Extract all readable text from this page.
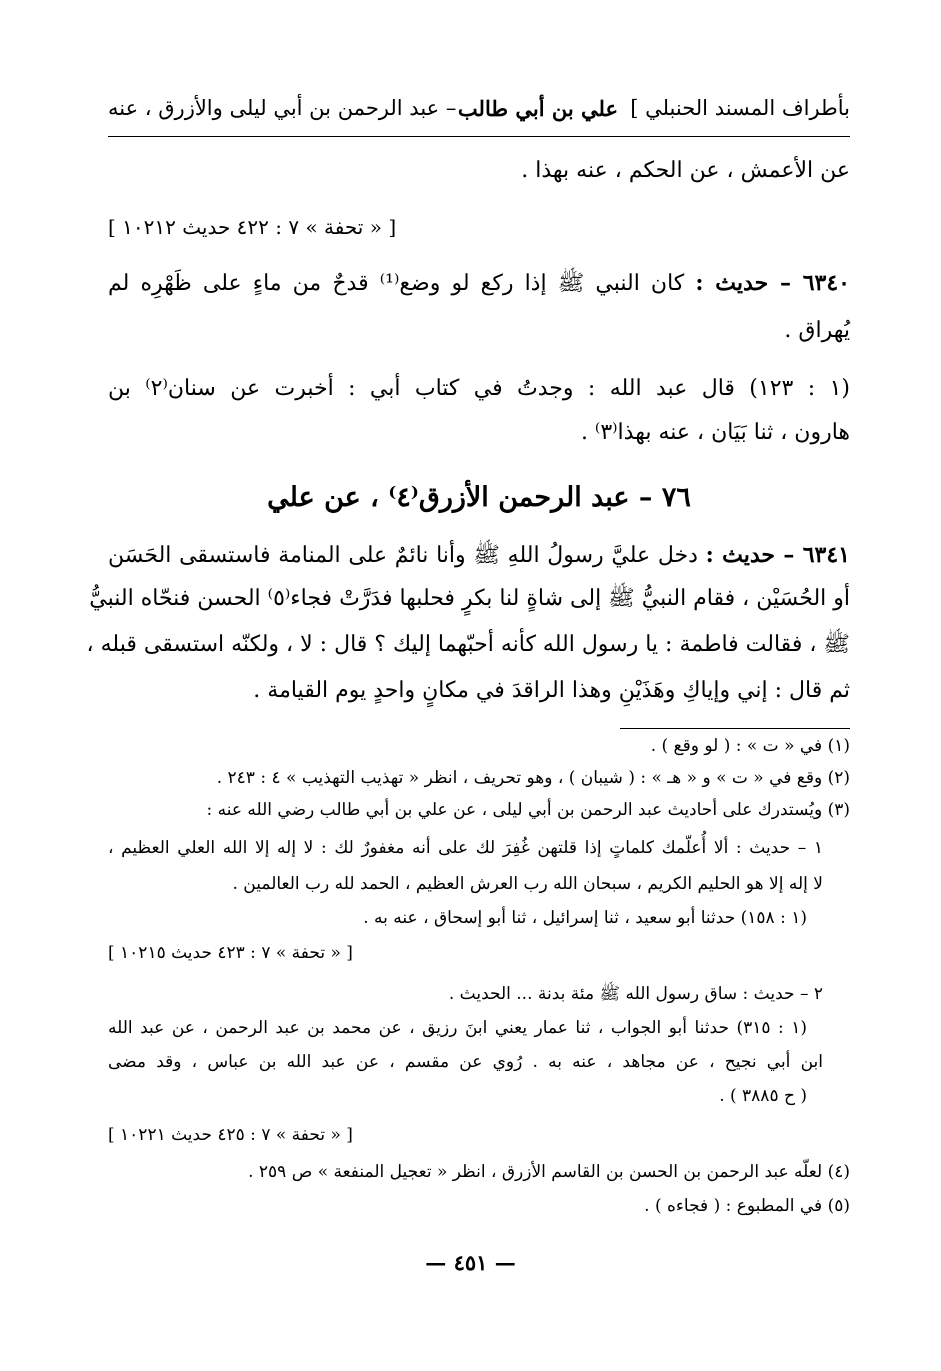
بأطراف المسند الحنبلي ]
علي بن أبي طالب
– عبد الرحمن بن أبي ليلى والأزرق ، عنه
عن الأعمش ، عن الحكم ، عنه بهذا .
[ « تحفة » ٧ : ٤٢٢ حديث ١٠٢١٢ ]
٦٣٤٠ – حديث : كان النبي ﷺ إذا ركع لو وضع⁽¹⁾ قدحٌ من ماءٍ على ظَهْرِه لم
يُهراق .
(١ : ١٢٣) قال عبد الله : وجدتُ في كتاب أبي : أخبرت عن سنان⁽٢⁾ بن
هارون ، ثنا بَيَان ، عنه بهذا⁽٣⁾ .
٧٦ – عبد الرحمن الأزرق⁽٤⁾ ، عن علي
٦٣٤١ – حديث : دخل عليَّ رسولُ اللهِ ﷺ وأنا نائمٌ على المنامة فاستسقى الحَسَن
أو الحُسَيْن ، فقام النبيُّ ﷺ إلى شاةٍ لنا بكرٍ فحلبها فدَرَّتْ فجاء⁽٥⁾ الحسن فنحّاه النبيُّ
ﷺ ، فقالت فاطمة : يا رسول الله كأنه أحبّهما إليك ؟ قال : لا ، ولكنّه استسقى قبله ،
ثم قال : إني وإياكِ وهَذَيْنِ وهذا الراقدَ في مكانٍ واحدٍ يوم القيامة .
(١) في « ت » : ( لو وقع ) .
(٢) وقع في « ت » و « هـ » : ( شيبان ) ، وهو تحريف ، انظر « تهذيب التهذيب » ٤ : ٢٤٣ .
(٣) ويُستدرك على أحاديث عبد الرحمن بن أبي ليلى ، عن علي بن أبي طالب رضي الله عنه :
١ – حديث : ألا أُعلّمك كلماتٍ إذا قلتهن غُفِرَ لك على أنه مغفورٌ لك : لا إله إلا الله العلي العظيم ،
لا إله إلا هو الحليم الكريم ، سبحان الله رب العرش العظيم ، الحمد لله رب العالمين .
(١ : ١٥٨) حدثنا أبو سعيد ، ثنا إسرائيل ، ثنا أبو إسحاق ، عنه به .
[ « تحفة » ٧ : ٤٢٣ حديث ١٠٢١٥ ]
٢ – حديث : ساق رسول الله ﷺ مئة بدنة ... الحديث .
(١ : ٣١٥) حدثنا أبو الجواب ، ثنا عمار يعني ابنَ رزيق ، عن محمد بن عبد الرحمن ، عن عبد الله
ابن أبي نجيح ، عن مجاهد ، عنه به . رُوي عن مقسم ، عن عبد الله بن عباس ، وقد مضى
( ح ٣٨٨٥ ) .
[ « تحفة » ٧ : ٤٢٥ حديث ١٠٢٢١ ]
(٤) لعلّه عبد الرحمن بن الحسن بن القاسم الأزرق ، انظر « تعجيل المنفعة » ص ٢٥٩ .
(٥) في المطبوع : ( فجاءه ) .
— ٤٥١ —
